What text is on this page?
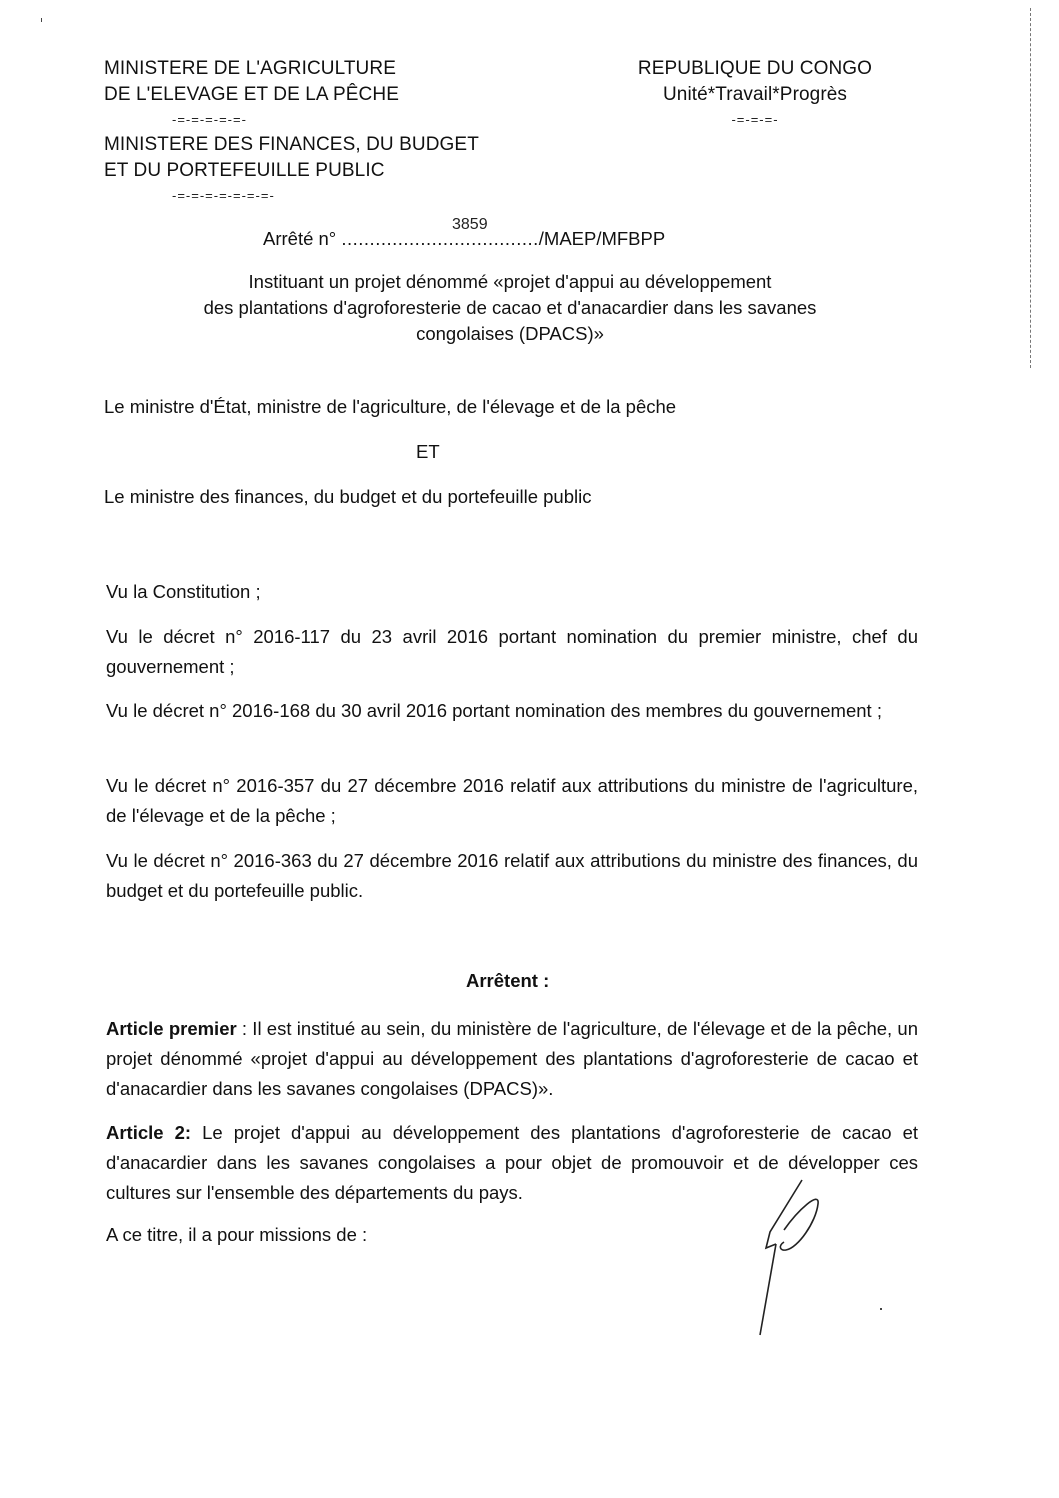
MINISTERE DE L'AGRICULTURE
DE L'ELEVAGE ET DE LA PÊCHE
-=-=-=-=-=-
MINISTERE DES FINANCES, DU BUDGET
ET DU PORTEFEUILLE PUBLIC
-=-=-=-=-=-=-=-
REPUBLIQUE DU CONGO
Unité*Travail*Progrès
-=-=-=-
Arrêté n° .................................../MAEP/MFBPP
3859
Instituant un projet dénommé «projet d'appui au développement
des plantations d'agroforesterie de cacao et d'anacardier dans les savanes
congolaises (DPACS)»
Le ministre d'État, ministre de l'agriculture, de l'élevage et de la pêche
ET
Le ministre des finances, du budget et du portefeuille public
Vu la Constitution ;
Vu le décret n° 2016-117 du 23 avril 2016 portant nomination du premier ministre, chef du gouvernement ;
Vu le décret n° 2016-168 du 30 avril 2016 portant nomination des membres du gouvernement ;
Vu le décret n° 2016-357 du 27 décembre 2016 relatif aux attributions du ministre de l'agriculture, de l'élevage et de la pêche ;
Vu le décret n° 2016-363 du 27 décembre 2016 relatif aux attributions du ministre des finances, du budget et du portefeuille public.
Arrêtent :
Article premier : Il est institué au sein, du ministère de l'agriculture, de l'élevage et de la pêche, un projet dénommé «projet d'appui au développement des plantations d'agroforesterie de cacao et d'anacardier dans les savanes congolaises (DPACS)».
Article 2: Le projet d'appui au développement des plantations d'agroforesterie de cacao et d'anacardier dans les savanes congolaises a pour objet de promouvoir et de développer ces cultures sur l'ensemble des départements du pays.
A ce titre, il a pour missions de :
